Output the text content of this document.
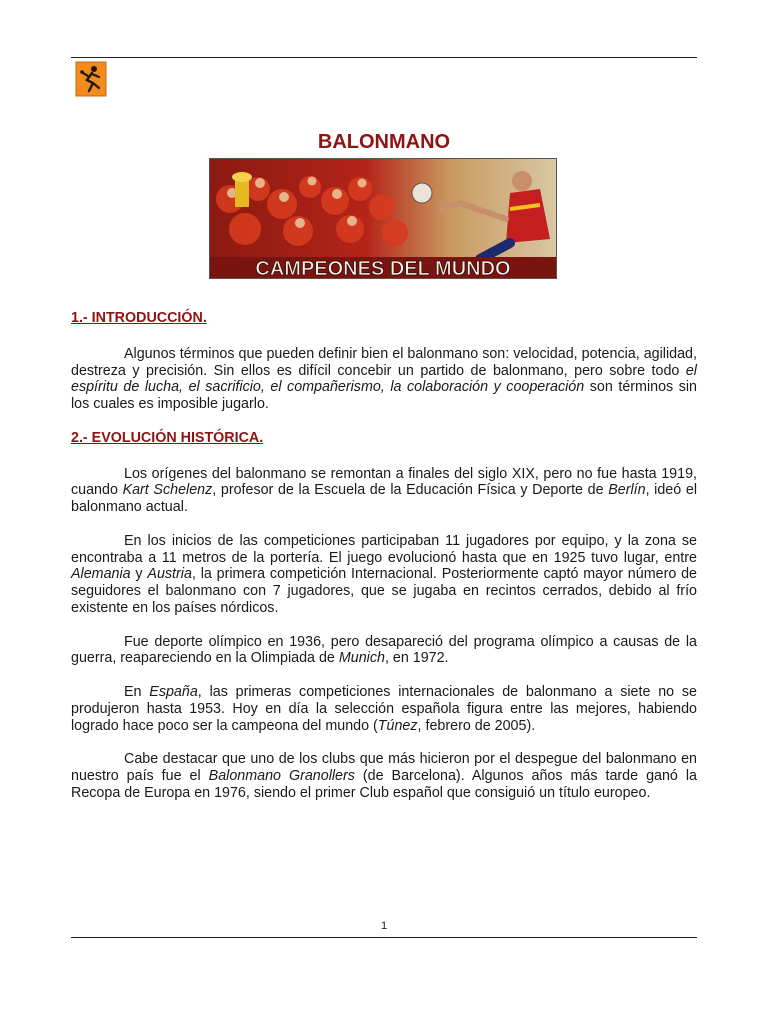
BALONMANO
CAMPEONES DEL MUNDO
1.- INTRODUCCIÓN.

Algunos términos que pueden definir bien el balonmano son: velocidad, potencia, agilidad, destreza y precisión. Sin ellos es difícil concebir un partido de balonmano, pero sobre todo el espíritu de lucha, el sacrificio, el compañerismo, la colaboración y cooperación son términos sin los cuales es imposible jugarlo.

2.- EVOLUCIÓN HISTÓRICA.

Los orígenes del balonmano se remontan a finales del siglo XIX, pero no fue hasta 1919, cuando Kart Schelenz, profesor de la Escuela de la Educación Física y Deporte de Berlín, ideó el balonmano actual.

En los inicios de las competiciones participaban 11 jugadores por equipo, y la zona se encontraba a 11 metros de la portería. El juego evolucionó hasta que en 1925 tuvo lugar, entre Alemania y Austria, la primera competición Internacional. Posteriormente captó mayor número de seguidores el balonmano con 7 jugadores, que se jugaba en recintos cerrados, debido al frío existente en los países nórdicos.

Fue deporte olímpico en 1936, pero desapareció del programa olímpico a causas de la guerra, reapareciendo en la Olimpiada de Munich, en 1972.

En España, las primeras competiciones internacionales de balonmano a siete no se produjeron hasta 1953. Hoy en día la selección española figura entre las mejores, habiendo logrado hace poco ser la campeona del mundo (Túnez, febrero de 2005).

Cabe destacar que uno de los clubs que más hicieron por el despegue del balonmano en nuestro país fue el Balonmano Granollers (de Barcelona). Algunos años más tarde ganó la Recopa de Europa en 1976, siendo el primer Club español que consiguió un título europeo.

1
